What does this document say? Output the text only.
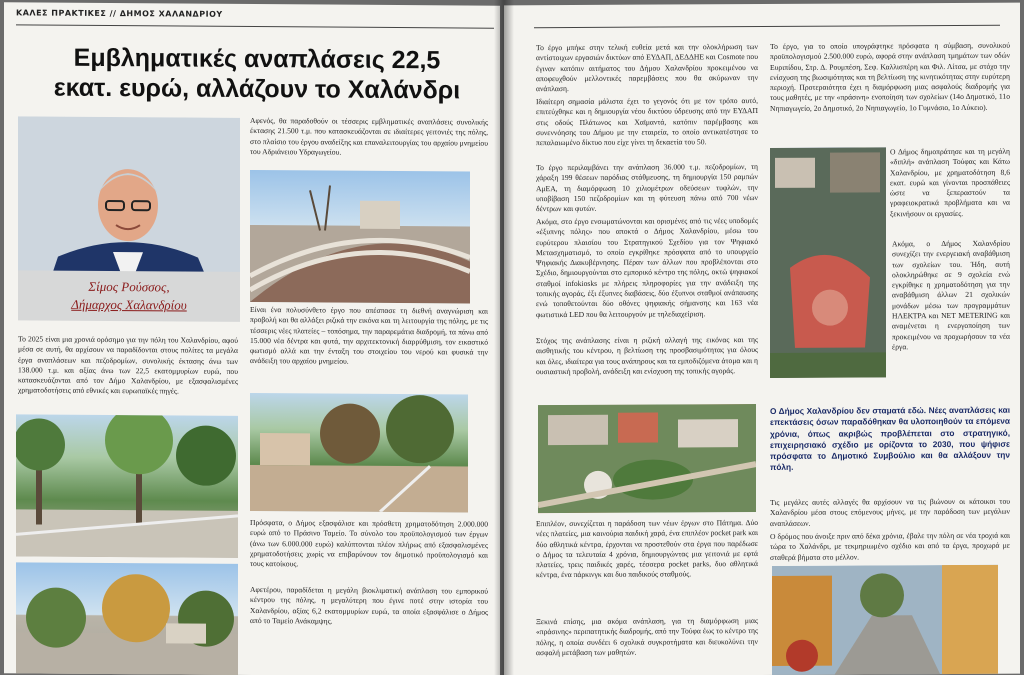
ΚΑΛΕΣ ΠΡΑΚΤΙΚΕΣ // ΔΗΜΟΣ ΧΑΛΑΝΔΡΙΟΥ
Εμβληματικές αναπλάσεις 22,5
εκατ. ευρώ, αλλάζουν το Χαλάνδρι
Σίμος Ρούσσος,
Δήμαρχος Χαλανδρίου
Το 2025 είναι μια χρονιά ορόσημο για την πόλη του Χαλανδρίου, αφού μέσα σε αυτή, θα αρχίσουν να παραδίδονται στους πολίτες τα μεγάλα έργα αναπλάσεων και πεζοδρομίων, συνολικής έκτασης άνω των 138.000 τ.μ. και αξίας άνω των 22,5 εκατομμυρίων ευρώ, που κατασκευάζονται από τον Δήμο Χαλανδρίου, με εξασφαλισμένες χρηματοδοτήσεις από εθνικές και ευρωπαϊκές πηγές.
Αφενός, θα παραδοθούν οι τέσσερις εμβληματικές αναπλάσεις συνολικής έκτασης 21.500 τ.μ. που κατασκευάζονται σε ιδιαίτερες γειτονιές της πόλης, στο πλαίσιο του έργου αναδείξης και επαναλειτουργίας του αρχαίου μνημείου του Αδριάνειου Υδραγωγείου.
Είναι ένα πολυσύνθετο έργο που απέσπασε τη διεθνή αναγνώριση και προβολή και θα αλλάξει ριζικά την εικόνα και τη λειτουργία της πόλης, με τις τέσσερις νέες πλατείες – τοπόσημα, την παραρεμάτια διαδρομή, τα πάνω από 15.000 νέα δέντρα και φυτά, την αρχιτεκτονική διαρρύθμιση, τον εικαστικό φωτισμό αλλά και την ένταξη του στοιχείου του νερού και φυσικά την ανάδειξη του αρχαίου μνημείου.
Πρόσφατα, ο Δήμος εξασφάλισε και πρόσθετη χρηματοδότηση 2.000.000 ευρώ από το Πράσινο Ταμείο. Το σύνολο του προϋπολογισμού των έργων (άνω των 6.000.000 ευρώ) καλύπτονται πλέον πλήρως από εξασφαλισμένες χρηματοδοτήσεις χωρίς να επιβαρύνουν τον δημοτικό προϋπολογισμό και τους κατοίκους.
Αφετέρου, παραδίδεται η μεγάλη βιοκλιματική ανάπλαση του εμπορικού κέντρου της πόλης, η μεγαλύτερη που έγινε ποτέ στην ιστορία του Χαλανδρίου, αξίας 6,2 εκατομμυρίων ευρώ, τα οποία εξασφάλισε ο Δήμος από το Ταμείο Ανάκαμψης.
Το έργο μπήκε στην τελική ευθεία μετά και την ολοκλήρωση των αντίστοιχων εργασιών δικτύων από ΕΥΔΑΠ, ΔΕΔΔΗΕ και Cosmote που έγιναν κατόπιν αιτήματος του Δήμου Χαλανδρίου προκειμένου να αποφευχθούν μελλοντικές παρεμβάσεις που θα ακύρωναν την ανάπλαση.
Ιδιαίτερη σημασία μάλιστα έχει το γεγονός ότι με τον τρόπο αυτό, επιτεύχθηκε και η δημιουργία νέου δικτύου ύδρευσης από την ΕΥΔΑΠ στις οδούς Πλάτωνος και Χαϊμαντά, κατόπιν παρέμβασης και συνεννόησης του Δήμου με την εταιρεία, το οποίο αντικατέστησε το πεπαλαιωμένο δίκτυο που είχε γίνει τη δεκαετία του 50.
Το έργο περιλαμβάνει την ανάπλαση 36.000 τ.μ. πεζοδρομίων, τη χάραξη 199 θέσεων παρόδιας στάθμευσης, τη δημιουργία 150 ραμπών ΑμΕΑ, τη διαμόρφωση 10 χιλιομέτρων οδεύσεων τυφλών, την υποβίβαση 150 πεζοδρομίων και τη φύτευση πάνω από 700 νέων δέντρων και φυτών.
Ακόμα, στο έργο ενσωματώνονται και ορισμένες από τις νέες υποδομές «έξυπνης πόλης» που αποκτά ο Δήμος Χαλανδρίου, μέσω του ευρύτερου πλαισίου του Στρατηγικού Σχεδίου για τον Ψηφιακό Μετασχηματισμό, το οποίο εγκρίθηκε πρόσφατα από το υπουργείο Ψηφιακής Διακυβέρνησης. Πέραν των άλλων που προβλέπονται στο Σχέδιο, δημιουργούνται στο εμπορικό κέντρο της πόλης, οκτώ ψηφιακοί σταθμοί infokiosks με πλήρεις πληροφορίες για την ανάδειξη της τοπικής αγοράς, έξι έξυπνες διαβάσεις, δύο έξυπνοι σταθμοί ανάπαυσης ενώ τοποθετούνται δύο οθόνες ψηφιακής σήμανσης και 163 νέα φωτιστικά LED που θα λειτουργούν με τηλεδιαχείριση.
Στόχος της ανάπλασης είναι η ριζική αλλαγή της εικόνας και της αισθητικής του κέντρου, η βελτίωση της προσβασιμότητας για όλους και όλες, ιδιαίτερα για τους ανάπηρους και τα εμποδιζόμενα άτομα και η ουσιαστική προβολή, ανάδειξη και ενίσχυση της τοπικής αγοράς.
Επιπλέον, συνεχίζεται η παράδοση των νέων έργων στο Πάτημα. Δύο νέες πλατείες, μια καινούρια παιδική χαρά, ένα επιπλέον pocket park και δύο αθλητικά κέντρα, έρχονται να προστεθούν στα έργα που παρέδωσε ο Δήμος τα τελευταία 4 χρόνια, δημιουργώντας μια γειτονιά με εφτά πλατείες, τρεις παιδικές χαρές, τέσσερα pocket parks, δυο αθλητικά κέντρα, ένα πάρκινγκ και δυο παιδικούς σταθμούς.
Ξεκινά επίσης, μια ακόμα ανάπλαση, για τη διαμόρφωση μιας «πράσινης» περιπατητικής διαδρομής, από την Τούφα έως το κέντρο της πόλης, η οποία συνδέει 6 σχολικά συγκροτήματα και διευκολύνει την ασφαλή μετάβαση των μαθητών.
Το έργο, για το οποίο υπογράφτηκε πρόσφατα η σύμβαση, συνολικού προϋπολογισμού 2.500.000 ευρώ, αφορά στην ανάπλαση τμημάτων των οδών Ευριπίδου, Στρ. Δ. Ρουμπέση, Σεφ. Καλλισπέρη και Φιλ. Λίτσα, με στόχο την ενίσχυση της βιωσιμότητας και τη βελτίωση της κινητικότητας στην ευρύτερη περιοχή. Προτεραιότητα έχει η διαμόρφωση μιας ασφαλούς διαδρομής για τους μαθητές, με την «πράσινη» ενοποίηση των σχολείων (14ο Δημοτικό, 11ο Νηπιαγωγείο, 2ο Δημοτικό, 2ο Νηπιαγωγείο, 1ο Γυμνάσιο, 1ο Λύκειο).
Ο Δήμος δημοπράτησε και τη μεγάλη «διπλή» ανάπλαση Τούφας και Κάτω Χαλανδρίου, με χρηματοδότηση 8,6 εκατ. ευρώ και γίνονται προσπάθειες ώστε να ξεπεραστούν τα γραφειοκρατικά προβλήματα και να ξεκινήσουν οι εργασίες.
Ακόμα, ο Δήμος Χαλανδρίου συνεχίζει την ενεργειακή αναβάθμιση των σχολείων του. Ήδη, αυτή ολοκληρώθηκε σε 9 σχολεία ενώ εγκρίθηκε η χρηματοδότηση για την αναβάθμιση άλλων 21 σχολικών μονάδων μέσω των προγραμμάτων ΗΛΕΚΤΡΑ και NET METERING και αναμένεται η ενεργοποίηση των προκειμένου να προχωρήσουν τα νέα έργα.
Ο Δήμος Χαλανδρίου δεν σταματά εδώ. Νέες αναπλάσεις και επεκτάσεις όσων παραδόθηκαν θα υλοποιηθούν τα επόμενα χρόνια, όπως ακριβώς προβλέπεται στο στρατηγικό, επιχειρησιακό σχέδιο με ορίζοντα το 2030, που ψήφισε πρόσφατα το Δημοτικό Συμβούλιο και θα αλλάξουν την πόλη.
Τις μεγάλες αυτές αλλαγές θα αρχίσουν να τις βιώνουν οι κάτοικοι του Χαλανδρίου μέσα στους επόμενους μήνες, με την παράδοση των μεγάλων αναπλάσεων.
Ο δρόμος που άνοιξε πριν από δέκα χρόνια, έβαλε την πόλη σε νέα τροχιά και τώρα το Χαλάνδρι, με τεκμηριωμένο σχέδιο και από τα έργα, προχωρά με σταθερά βήματα στο μέλλον.
